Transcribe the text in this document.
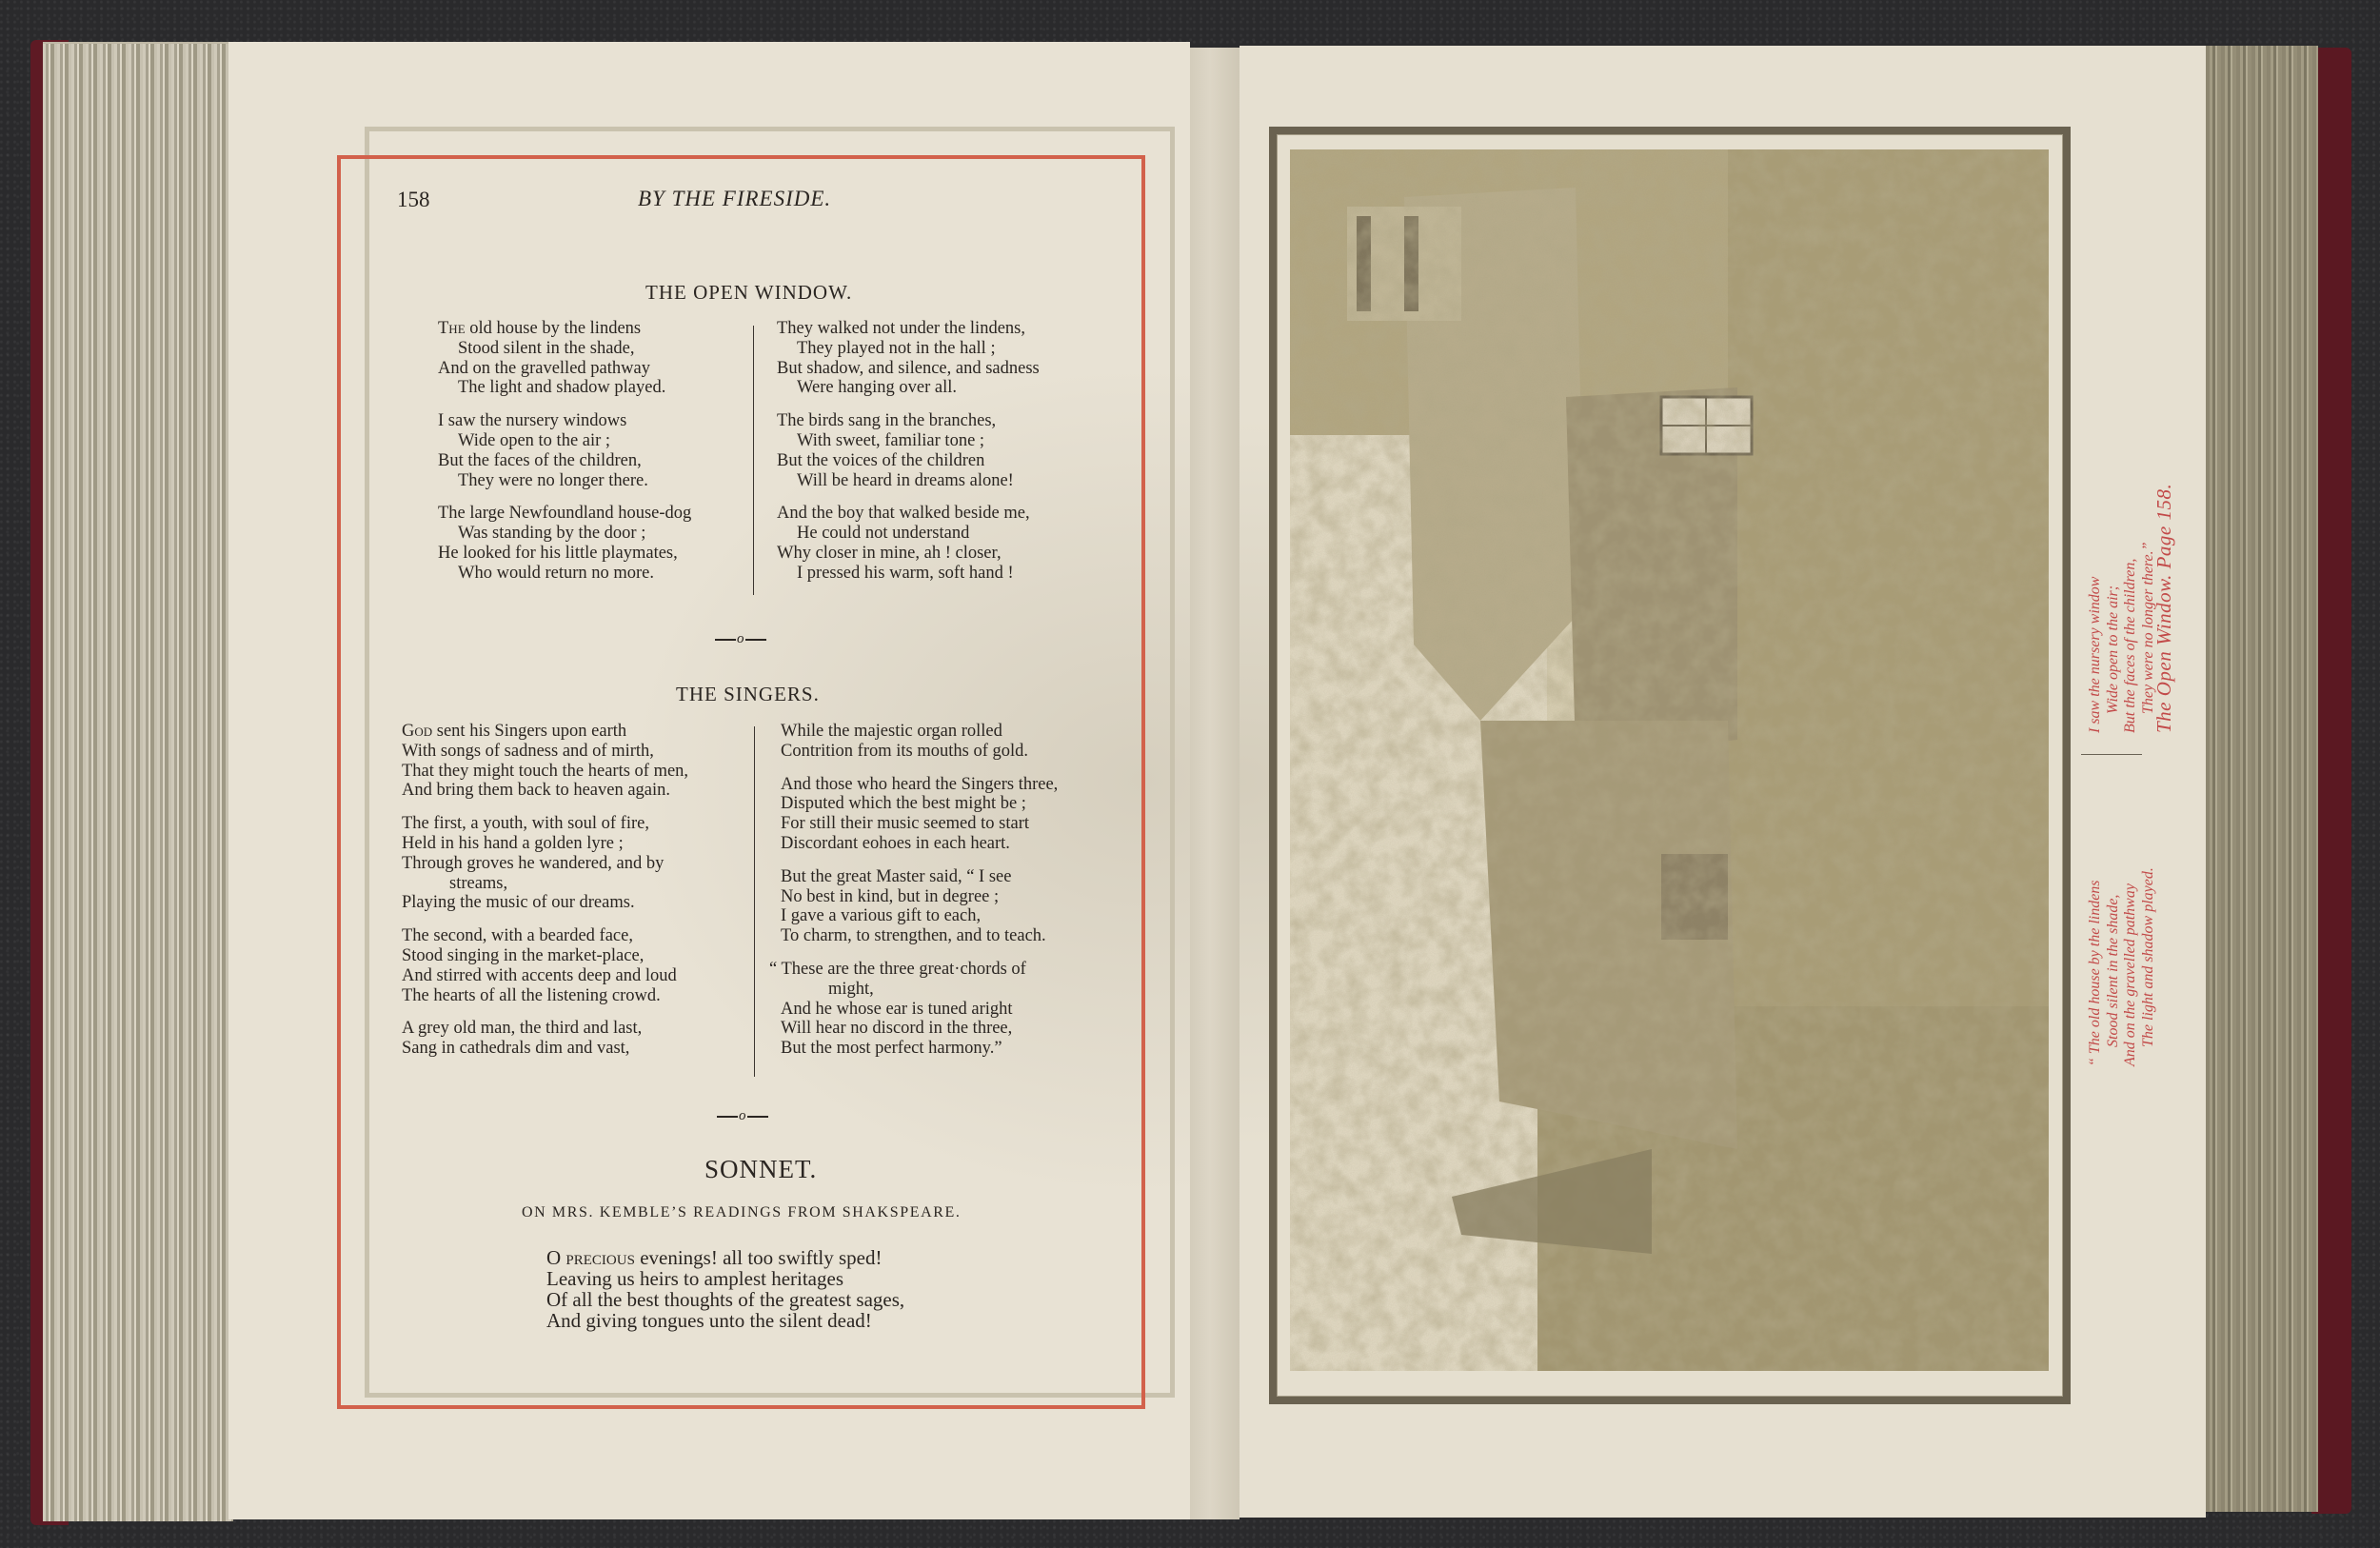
158	BY THE FIRESIDE.
THE OPEN WINDOW.
The old house by the lindens
Stood silent in the shade,
And on the gravelled pathway
The light and shadow played.
I saw the nursery windows
Wide open to the air ;
But the faces of the children,
They were no longer there.
The large Newfoundland house-dog
Was standing by the door ;
He looked for his little playmates,
Who would return no more.
They walked not under the lindens,
They played not in the hall ;
But shadow, and silence, and sadness
Were hanging over all.
The birds sang in the branches,
With sweet, familiar tone ;
But the voices of the children
Will be heard in dreams alone!
And the boy that walked beside me,
He could not understand
Why closer in mine, ah ! closer,
I pressed his warm, soft hand !
o
THE SINGERS.
God sent his Singers upon earth
With songs of sadness and of mirth,
That they might touch the hearts of men,
And bring them back to heaven again.
The first, a youth, with soul of fire,
Held in his hand a golden lyre ;
Through groves he wandered, and by
streams,
Playing the music of our dreams.
The second, with a bearded face,
Stood singing in the market-place,
And stirred with accents deep and loud
The hearts of all the listening crowd.
A grey old man, the third and last,
Sang in cathedrals dim and vast,
While the majestic organ rolled
Contrition from its mouths of gold.
And those who heard the Singers three,
Disputed which the best might be ;
For still their music seemed to start
Discordant eohoes in each heart.
But the great Master said, “ I see
No best in kind, but in degree ;
I gave a various gift to each,
To charm, to strengthen, and to teach.
“ These are the three great·chords of
might,
And he whose ear is tuned aright
Will hear no discord in the three,
But the most perfect harmony.”
o
SONNET.
ON MRS. KEMBLE’S READINGS FROM SHAKSPEARE.
O precious evenings! all too swiftly sped!
Leaving us heirs to amplest heritages
Of all the best thoughts of the greatest sages,
And giving tongues unto the silent dead!
“ The old house by the lindens Stood silent in the shade, And on the gravelled pathway The light and shadow played.
I saw the nursery window Wide open to the air; But the faces of the children, They were no longer there.”
The Open Window. Page 158.
